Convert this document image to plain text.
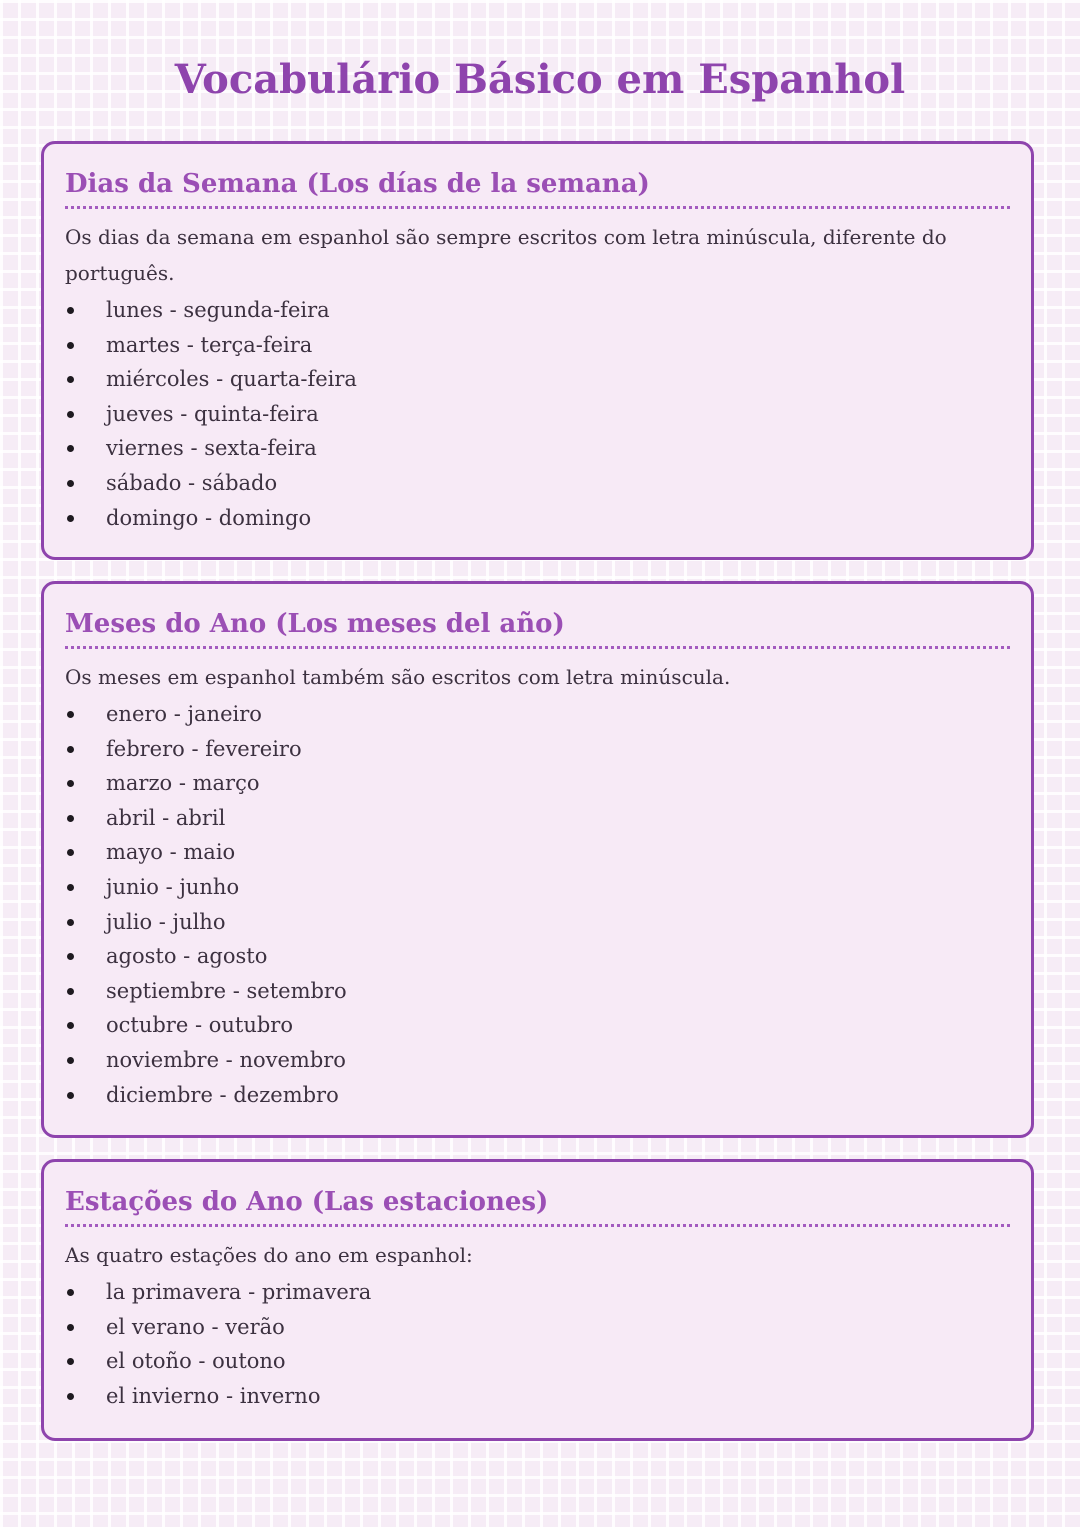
Vocabulário Básico em Espanhol
Dias da Semana (Los días de la semana)

Os dias da semana em espanhol são sempre escritos com letra minúscula, diferente do português.

lunes - segunda-feira
martes - terça-feira
miércoles - quarta-feira
jueves - quinta-feira
viernes - sexta-feira
sábado - sábado
domingo - domingo
Meses do Ano (Los meses del año)

Os meses em espanhol também são escritos com letra minúscula.

enero - janeiro
febrero - fevereiro
marzo - março
abril - abril
mayo - maio
junio - junho
julio - julho
agosto - agosto
septiembre - setembro
octubre - outubro
noviembre - novembro
diciembre - dezembro
Estações do Ano (Las estaciones)

As quatro estações do ano em espanhol:

la primavera - primavera
el verano - verão
el otoño - outono
el invierno - inverno
